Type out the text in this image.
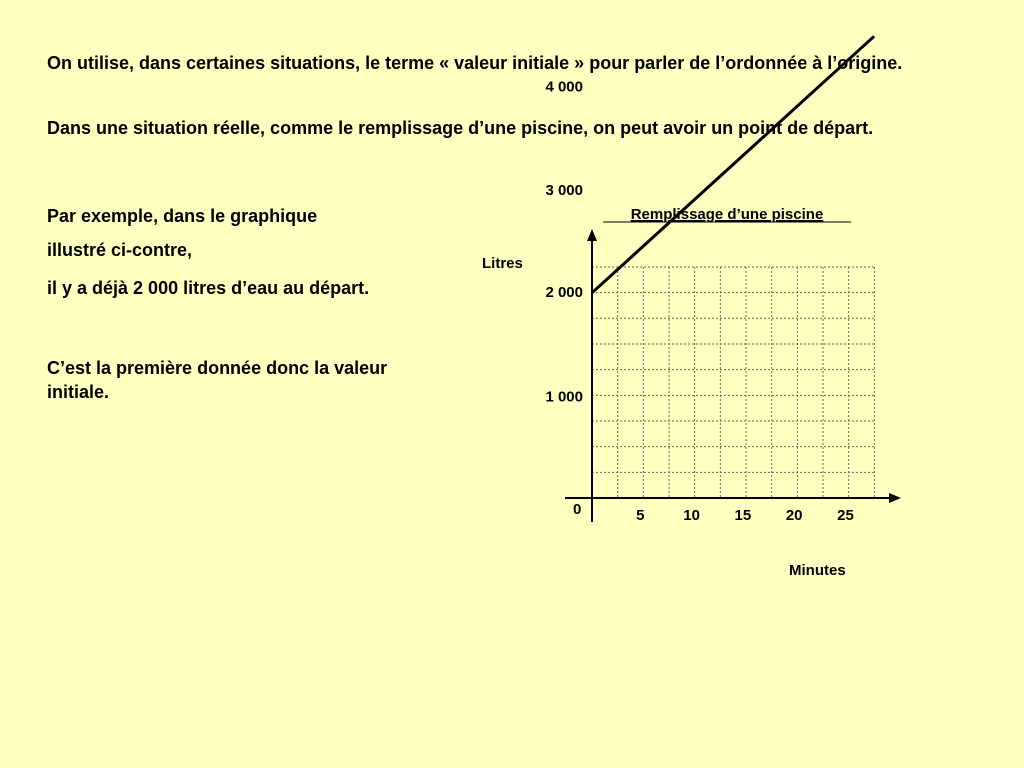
On utilise, dans certaines situations, le terme « valeur initiale » pour parler de l’ordonnée à l’origine.

Dans une situation réelle, comme le remplissage d’une piscine, on peut avoir un point de départ.

Par exemple, dans le graphique

illustré ci-contre,

il y a déjà 2 000 litres d’eau au départ.

C’est la première donnée donc la valeur initiale.

Remplissage d’une piscine
Litres
Minutes
1 000
2 000
3 000
4 000
5	10 15 20 25
0
